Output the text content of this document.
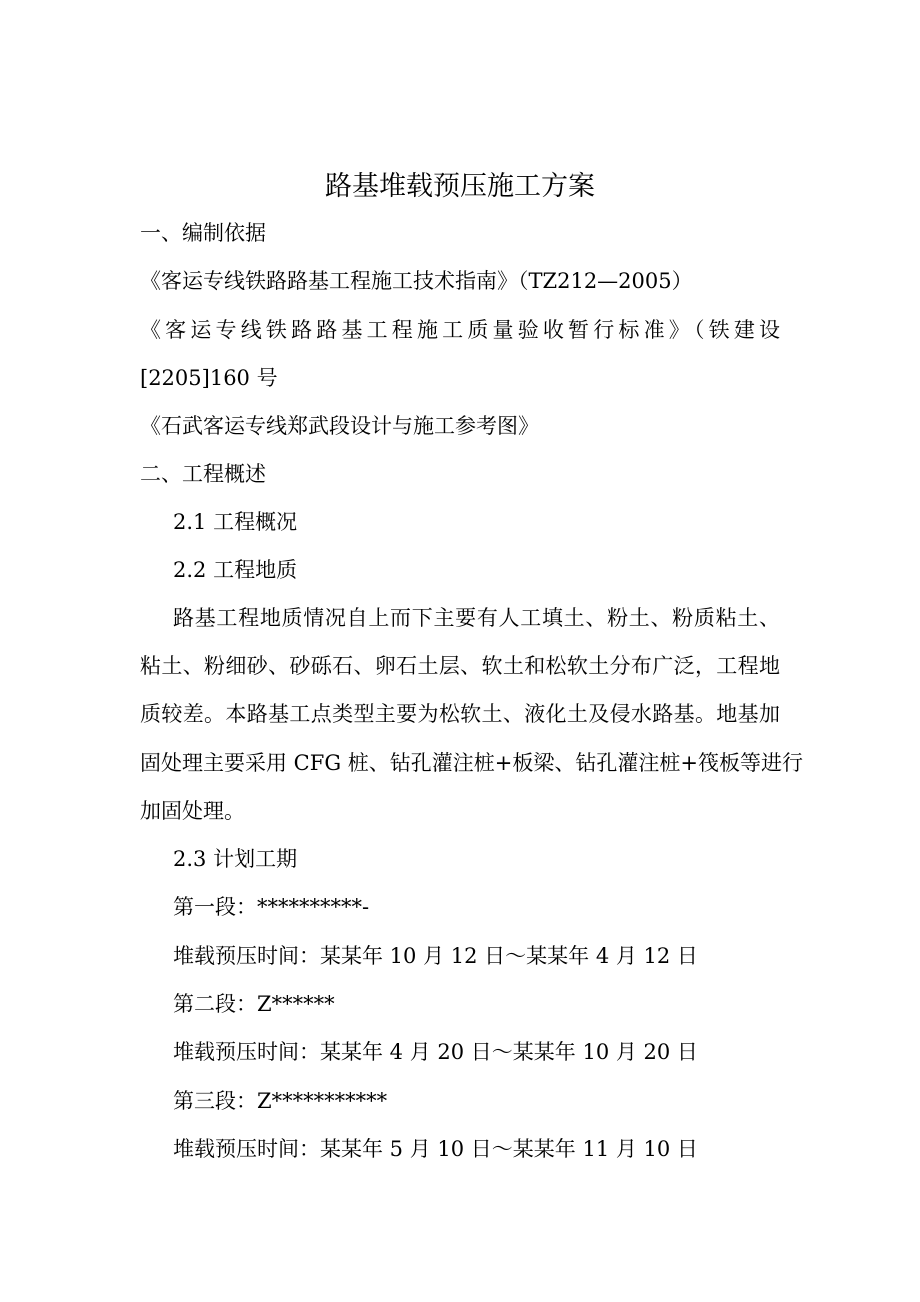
路基堆载预压施工方案
一、编制依据
《客运专线铁路路基工程施工技术指南》（TZ212—2005）
《客运专线铁路路基工程施工质量验收暂行标准》（铁建设
[2205]160 号
《石武客运专线郑武段设计与施工参考图》
二、工程概述
2.1 工程概况
2.2 工程地质
路基工程地质情况自上而下主要有人工填土、粉土、粉质粘土、
粘土、粉细砂、砂砾石、卵石土层、软土和松软土分布广泛，工程地
质较差。本路基工点类型主要为松软土、液化土及侵水路基。地基加
固处理主要采用 CFG 桩、钻孔灌注桩+板梁、钻孔灌注桩+筏板等进行
加固处理。
2.3 计划工期
第一段：**********-
堆载预压时间：某某年 10 月 12 日～某某年 4 月 12 日
第二段：Z******
堆载预压时间：某某年 4 月 20 日～某某年 10 月 20 日
第三段：Z***********
堆载预压时间：某某年 5 月 10 日～某某年 11 月 10 日
